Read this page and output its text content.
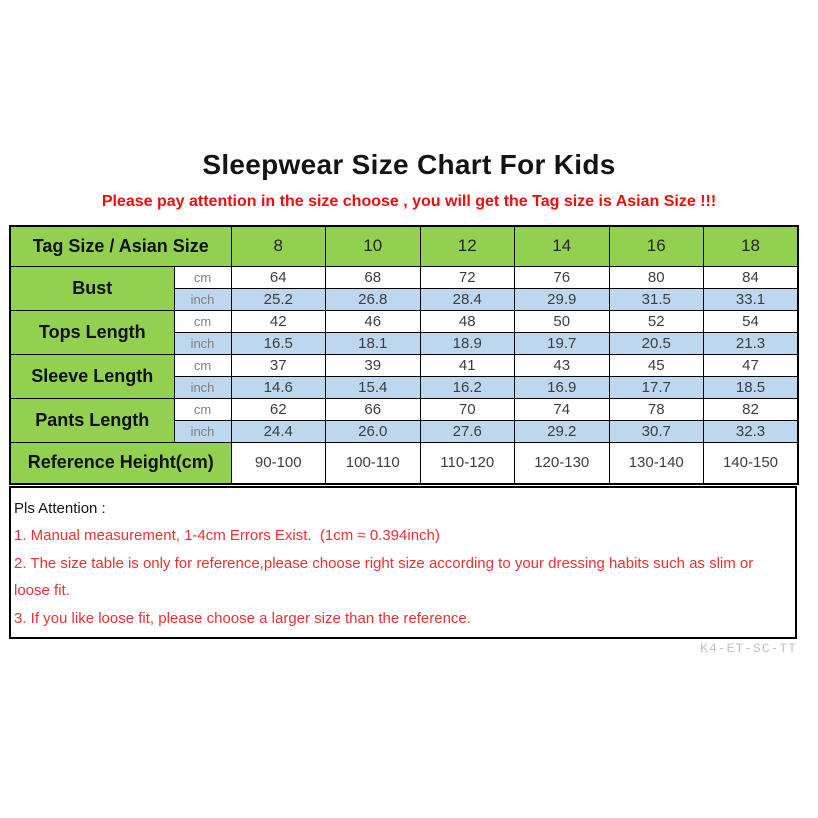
Sleepwear Size Chart For Kids
Please pay attention in the size choose , you will get the Tag size is Asian Size !!!
Tag Size / Asian Size		8	10	12	14	16	18
Bust	cm	64	68	72	76	80	84
	inch	25.2	26.8	28.4	29.9	31.5	33.1
Tops Length	cm	42	46	48	50	52	54
	inch	16.5	18.1	18.9	19.7	20.5	21.3
Sleeve Length	cm	37	39	41	43	45	47
	inch	14.6	15.4	16.2	16.9	17.7	18.5
Pants Length	cm	62	66	70	74	78	82
	inch	24.4	26.0	27.6	29.2	30.7	32.3
Reference Height(cm)		90-100	100-110	110-120	120-130	130-140	140-150
Pls Attention :
1. Manual measurement, 1-4cm Errors Exist.  (1cm ≈ 0.394inch)
2. The size table is only for reference,please choose right size according to your dressing habits such as slim or loose fit.
3. If you like loose fit, please choose a larger size than the reference.
K4-ET-SC-TT
